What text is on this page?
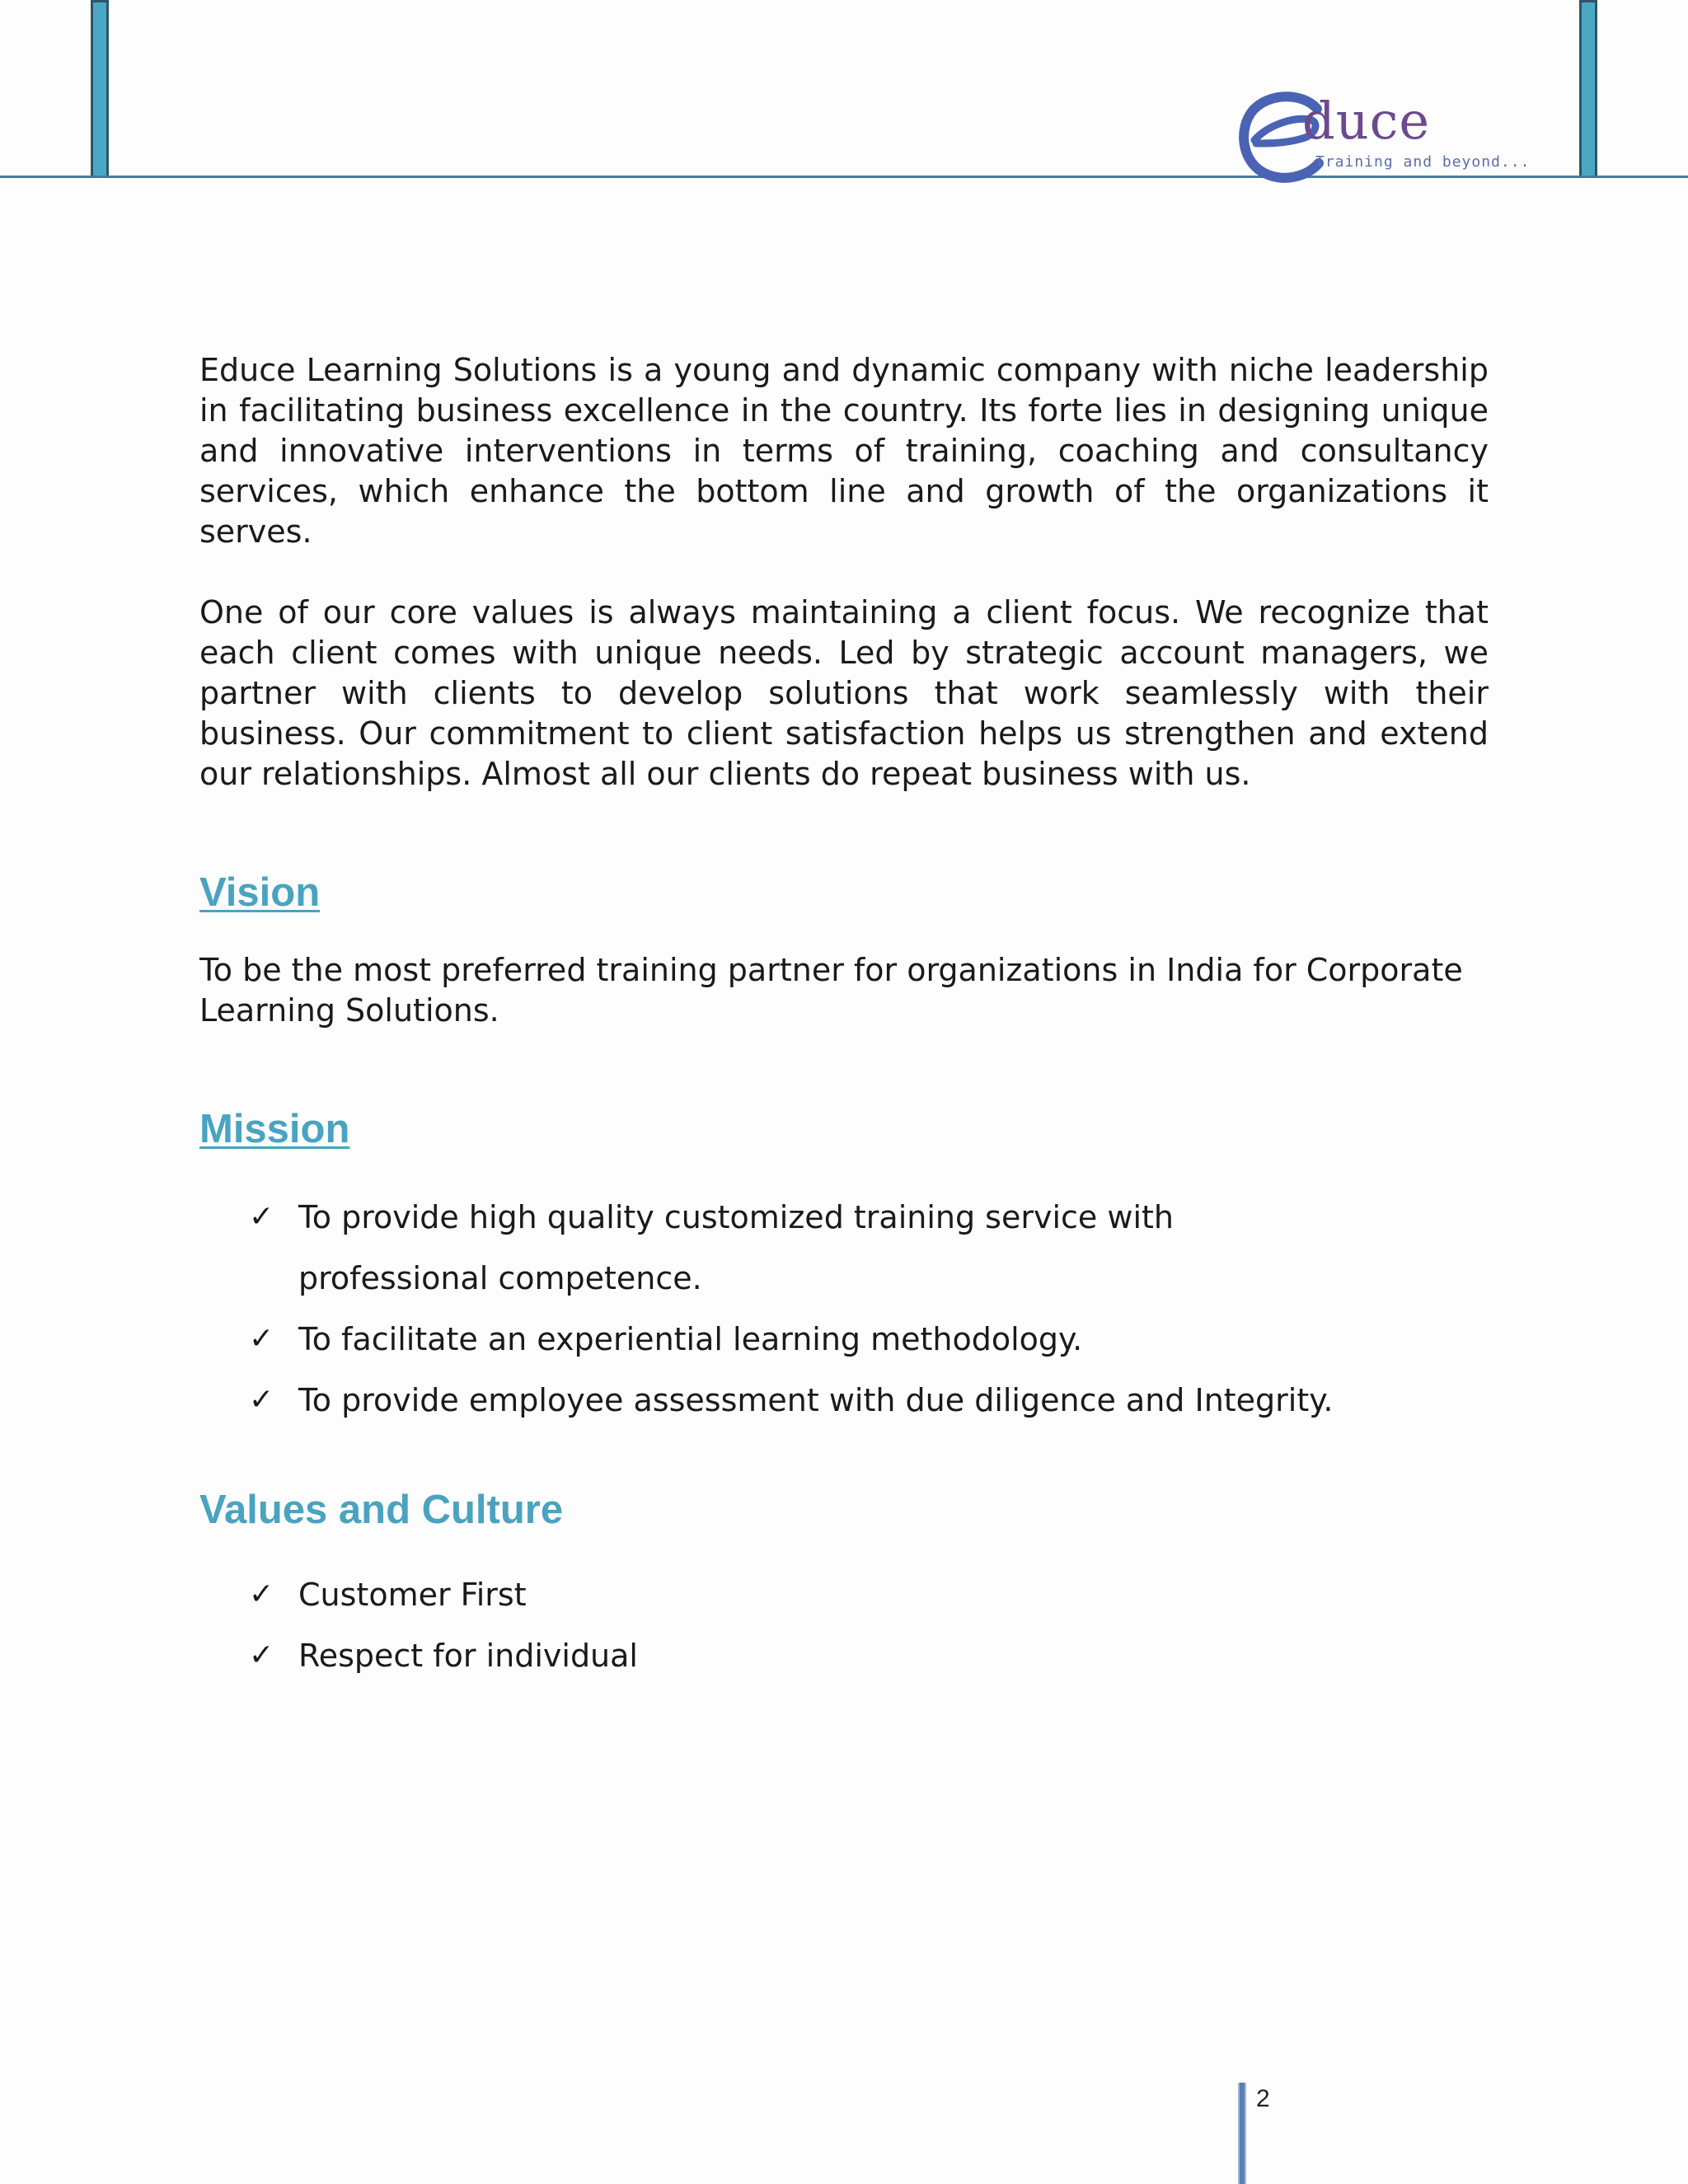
duce
Training and beyond...

Educe Learning Solutions is a young and dynamic company with niche leadership in facilitating business excellence in the country. Its forte lies in designing unique and innovative interventions in terms of training, coaching and consultancy services, which enhance the bottom line and growth of the organizations it serves.

One of our core values is always maintaining a client focus. We recognize that each client comes with unique needs. Led by strategic account managers, we partner with clients to develop solutions that work seamlessly with their business. Our commitment to client satisfaction helps us strengthen and extend our relationships. Almost all our clients do repeat business with us.

Vision

To be the most preferred training partner for organizations in India for Corporate Learning Solutions.

Mission
✓ To provide high quality customized training service with professional competence.
✓ To facilitate an experiential learning methodology.
✓ To provide employee assessment with due diligence and Integrity.
Values and Culture
✓ Customer First
✓ Respect for individual
2
